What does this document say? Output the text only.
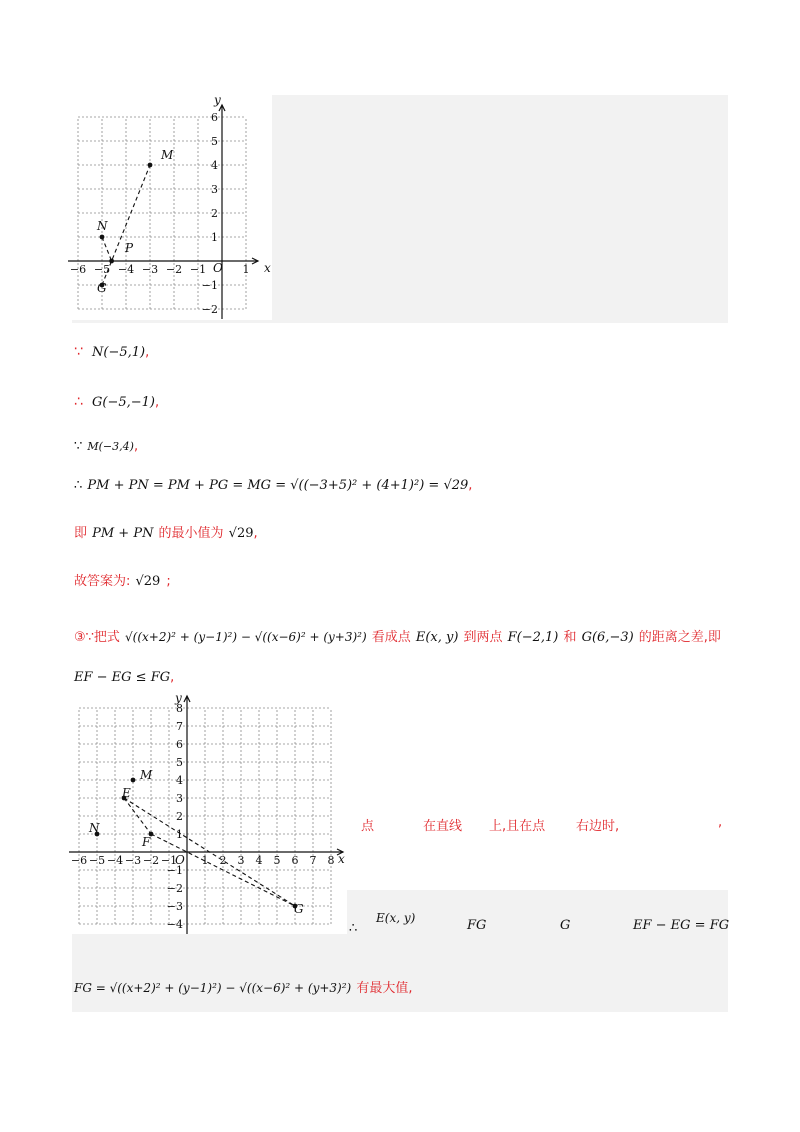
−6 −5 −4 −3 −2 −1	1
6
5
4
3
2
1
−1
−2
x
y
O
M
N
P
G
−6 −5 −4 −3 −2 −1 1 2 3 4 5 6 7 8
8
7
6
5
4
3
2
1
−1
−2
−3
−4
x
y
O
M
E
N
F
G
∵ N(−5,1),
∴ G(−5,−1),
∵ M(−3,4),
∴ PM + PN = PM + PG = MG = √((−3+5)² + (4+1)²) = √29,
即 PM + PN 的最小值为 √29,
故答案为: √29 ;
③∵把式 √((x+2)² + (y−1)²) − √((x−6)² + (y+3)²) 看成点 E(x, y) 到两点 F(−2,1) 和 G(6,−3) 的距离之差,即
EF − EG ≤ FG,
点	在直线 上,且在点 右边时,	,
∴
E(x, y)	FG	G	EF − EG = FG
FG = √((x+2)² + (y−1)²) − √((x−6)² + (y+3)²) 有最大值,
